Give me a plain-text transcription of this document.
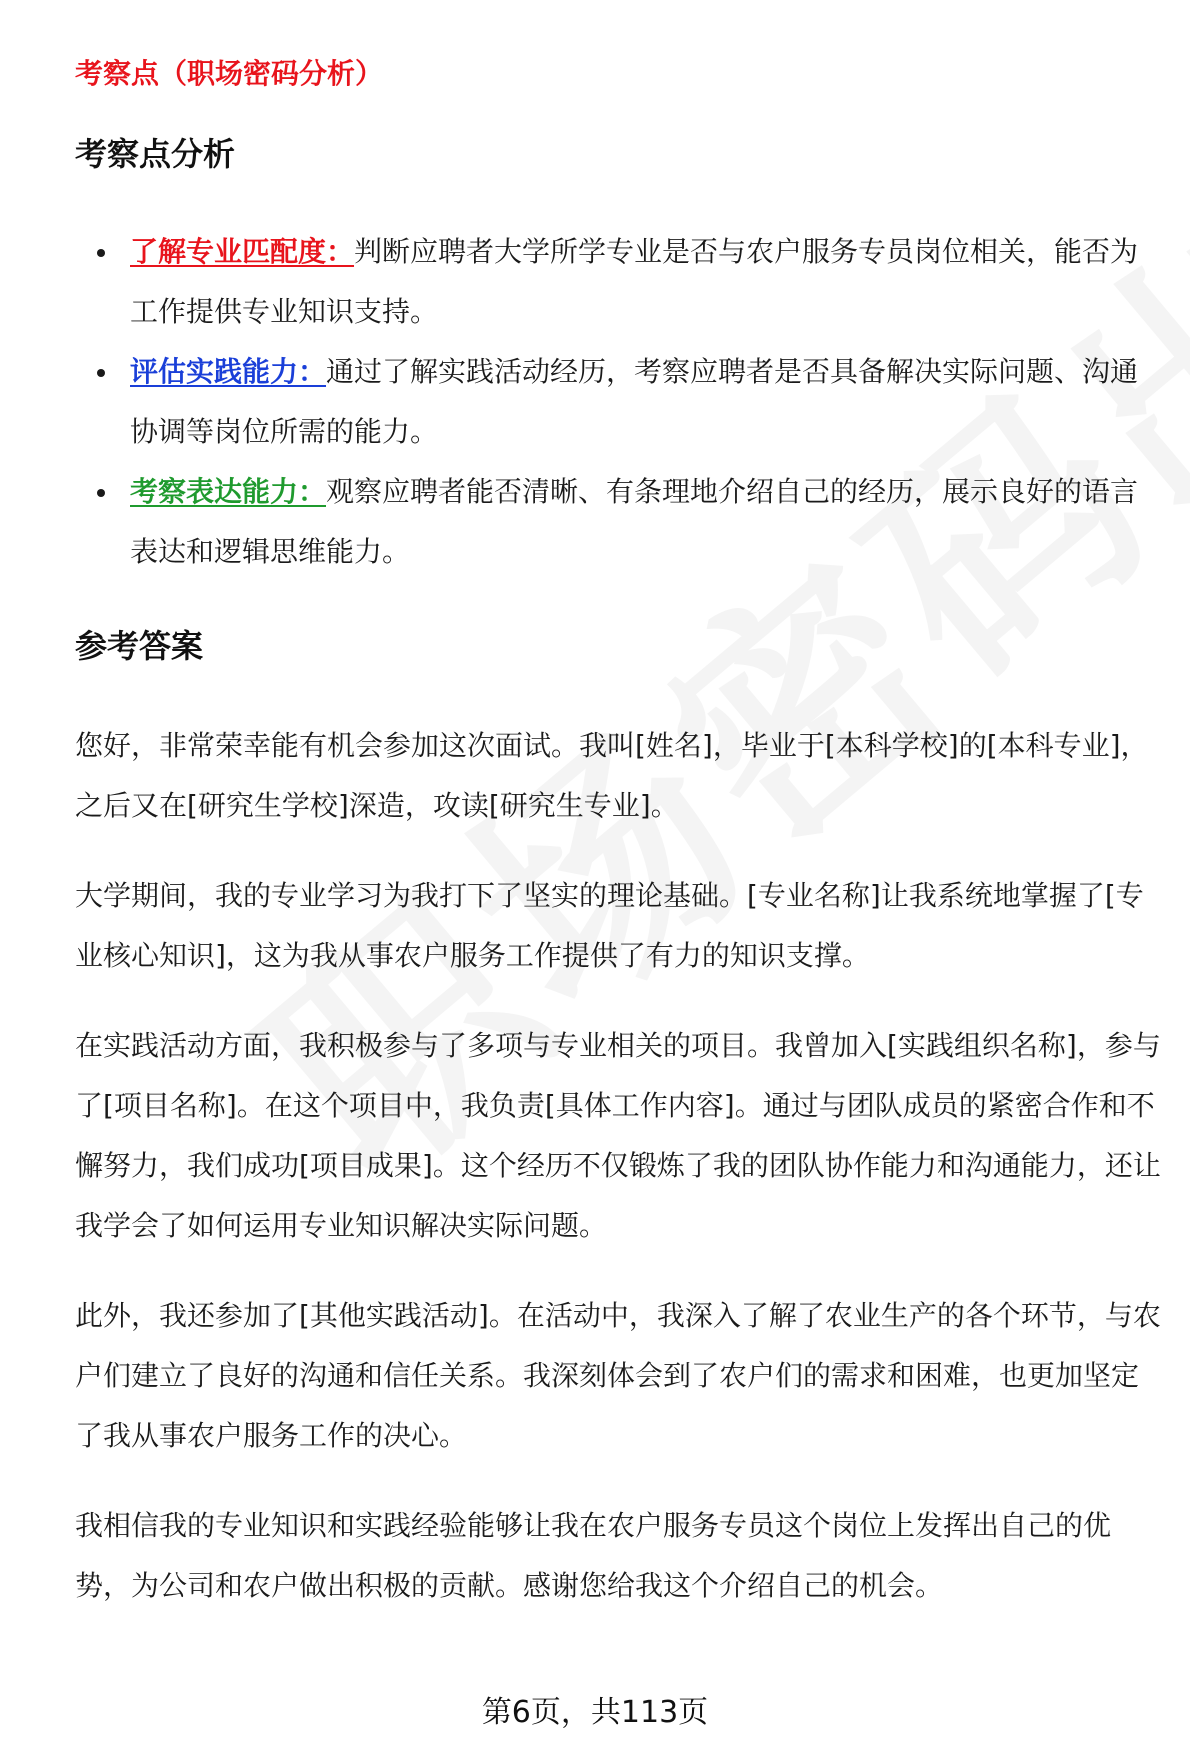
考察点（职场密码分析）

考察点分析
了解专业匹配度：判断应聘者大学所学专业是否与农户服务专员岗位相关，能否为工作提供专业知识支持。
评估实践能力：通过了解实践活动经历，考察应聘者是否具备解决实际问题、沟通协调等岗位所需的能力。
考察表达能力：观察应聘者能否清晰、有条理地介绍自己的经历，展示良好的语言表达和逻辑思维能力。
参考答案

您好，非常荣幸能有机会参加这次面试。我叫[姓名]，毕业于[本科学校]的[本科专业]，之后又在[研究生学校]深造，攻读[研究生专业]。

大学期间，我的专业学习为我打下了坚实的理论基础。[专业名称]让我系统地掌握了[专业核心知识]，这为我从事农户服务工作提供了有力的知识支撑。

在实践活动方面，我积极参与了多项与专业相关的项目。我曾加入[实践组织名称]，参与了[项目名称]。在这个项目中，我负责[具体工作内容]。通过与团队成员的紧密合作和不懈努力，我们成功[项目成果]。这个经历不仅锻炼了我的团队协作能力和沟通能力，还让我学会了如何运用专业知识解决实际问题。

此外，我还参加了[其他实践活动]。在活动中，我深入了解了农业生产的各个环节，与农户们建立了良好的沟通和信任关系。我深刻体会到了农户们的需求和困难，也更加坚定了我从事农户服务工作的决心。

我相信我的专业知识和实践经验能够让我在农户服务专员这个岗位上发挥出自己的优势，为公司和农户做出积极的贡献。感谢您给我这个介绍自己的机会。

第6页，共113页
